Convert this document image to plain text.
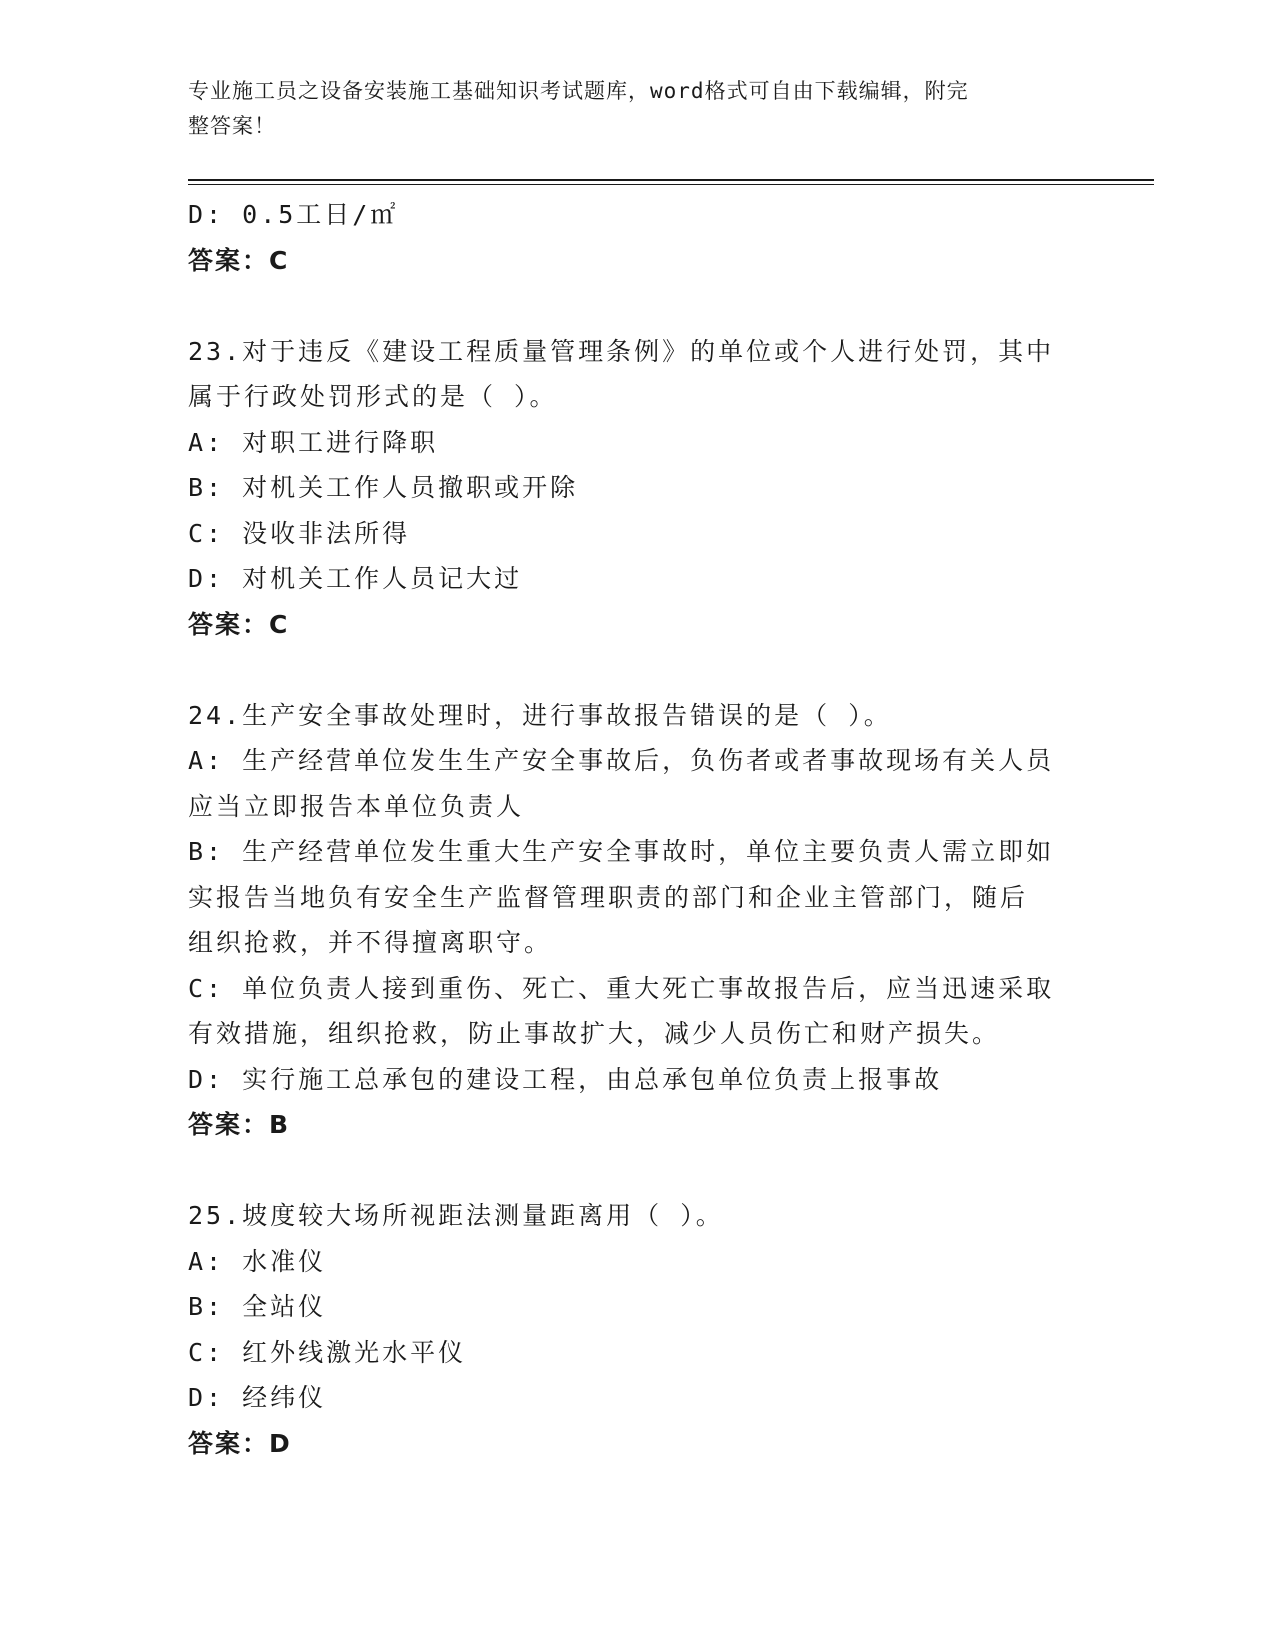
专业施工员之设备安装施工基础知识考试题库，word格式可自由下载编辑，附完
整答案！
D: 0.5工日/㎡
答案：C
23.对于违反《建设工程质量管理条例》的单位或个人进行处罚，其中
属于行政处罚形式的是（ ）。
A: 对职工进行降职
B: 对机关工作人员撤职或开除
C: 没收非法所得
D: 对机关工作人员记大过
答案：C
24.生产安全事故处理时，进行事故报告错误的是（ ）。
A: 生产经营单位发生生产安全事故后，负伤者或者事故现场有关人员
应当立即报告本单位负责人
B: 生产经营单位发生重大生产安全事故时，单位主要负责人需立即如
实报告当地负有安全生产监督管理职责的部门和企业主管部门，随后
组织抢救，并不得擅离职守。
C: 单位负责人接到重伤、死亡、重大死亡事故报告后，应当迅速采取
有效措施，组织抢救，防止事故扩大，减少人员伤亡和财产损失。
D: 实行施工总承包的建设工程，由总承包单位负责上报事故
答案：B
25.坡度较大场所视距法测量距离用（ ）。
A: 水准仪
B: 全站仪
C: 红外线激光水平仪
D: 经纬仪
答案：D
